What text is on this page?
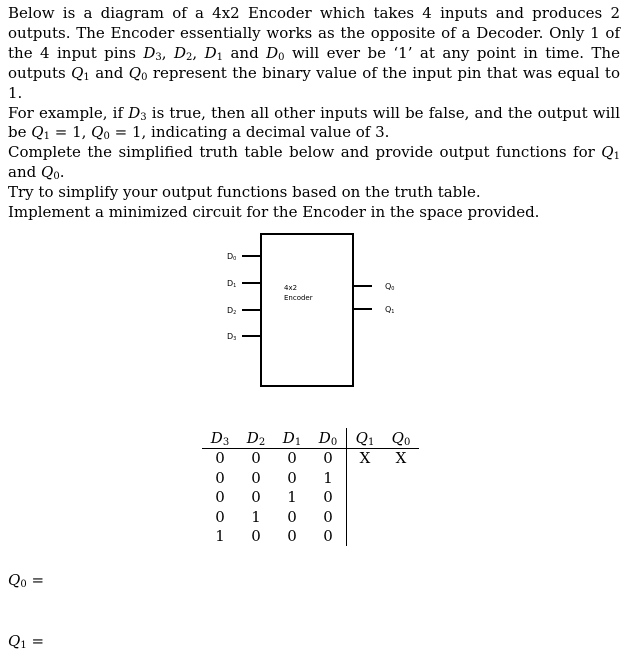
Below is a diagram of a 4x2 Encoder which takes 4 inputs and produces 2 outputs. The Encoder essentially works as the opposite of a Decoder. Only 1 of the 4 input pins $D_3$, $D_2$, $D_1$ and $D_0$ will ever be ‘1’ at any point in time. The outputs $Q_1$ and $Q_0$ represent the binary value of the input pin that was equal to 1.

For example, if $D_3$ is true, then all other inputs will be false, and the output will be $Q_1 = 1$, $Q_0 = 1$, indicating a decimal value of 3.

Complete the simplified truth table below and provide output functions for $Q_1$ and $Q_0$.

Try to simplify your output functions based on the truth table.

Implement a minimized circuit for the Encoder in the space provided.

D0
D1
D2
D3
Q0
Q1
4x2
Encoder
$D_3$	$D_2$	$D_1$	$D_0$	$Q_1$	$Q_0$
0	0	0	0	X	X
0	0	0	1		
0	0	1	0		
0	1	0	0		
1	0	0	0		
$Q_0$ =
$Q_1$ =
